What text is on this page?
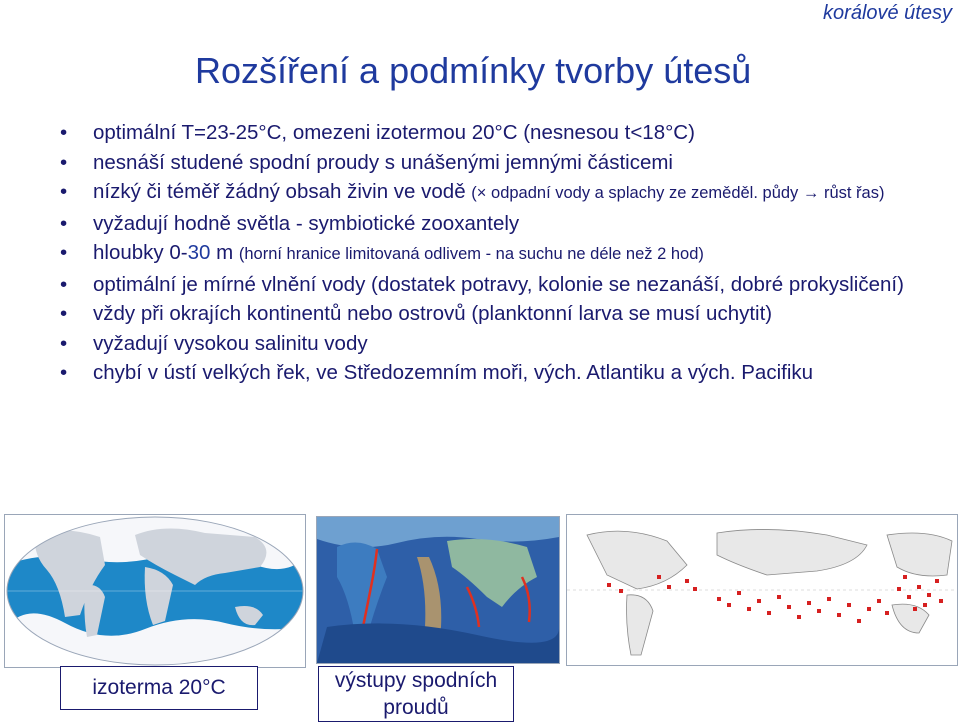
korálové útesy
Rozšíření a podmínky tvorby útesů
• optimální T=23-25°C, omezeni izotermou 20°C (nesnesou t<18°C)
• nesnáší studené spodní proudy s unášenými jemnými částicemi
• nízký či téměř žádný obsah živin ve vodě (× odpadní vody a splachy ze zeměděl. půdy → růst řas)
• vyžadují hodně světla - symbiotické zooxantely
• hloubky 0-30 m (horní hranice limitovaná odlivem - na suchu ne déle než 2 hod)
• optimální je mírné vlnění vody (dostatek potravy, kolonie se nezanáší, dobré prokysličení)
• vždy při okrajích kontinentů nebo ostrovů (planktonní larva se musí uchytit)
• vyžadují vysokou salinitu vody
• chybí v ústí velkých řek, ve Středozemním moři, vých. Atlantiku a vých. Pacifiku
izoterma 20°C	výstupy spodních proudů
